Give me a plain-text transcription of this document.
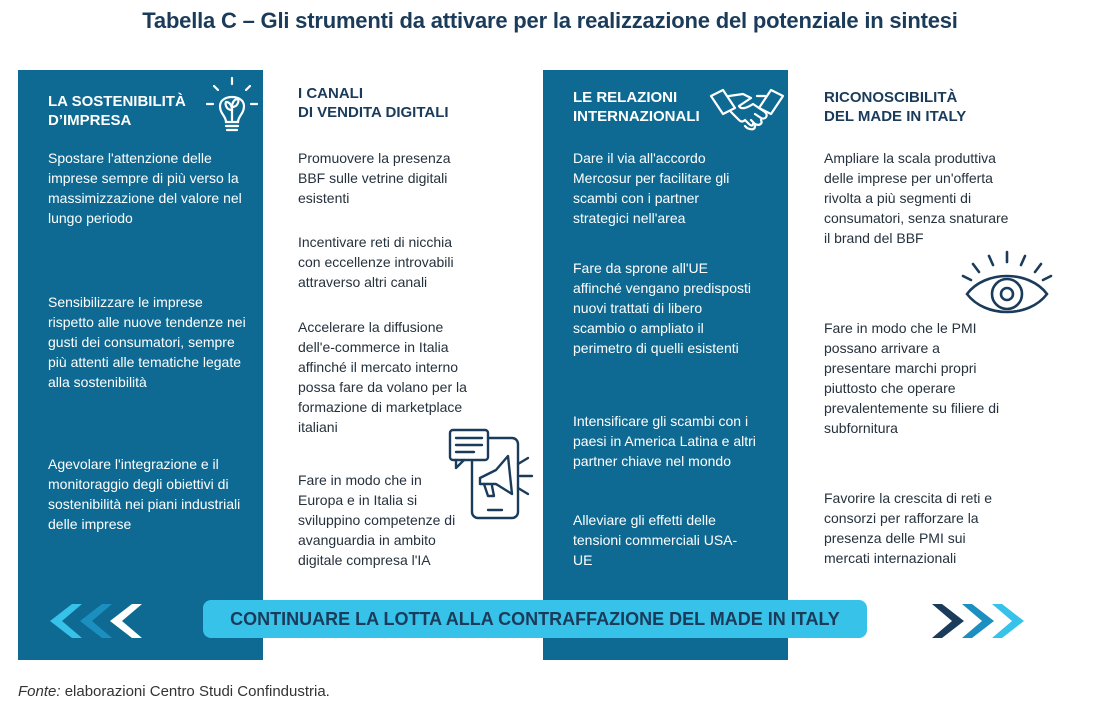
Tabella C – Gli strumenti da attivare per la realizzazione del potenziale in sintesi
LA SOSTENIBILITÀ
D’IMPRESA
Spostare l'attenzione delle imprese sempre di più verso la massimizzazione del valore nel lungo periodo
Sensibilizzare le imprese rispetto alle nuove tendenze nei gusti dei consumatori, sempre più attenti alle tematiche legate alla sostenibilità
Agevolare l'integrazione e il monitoraggio degli obiettivi di sostenibilità nei piani industriali delle imprese
I CANALI
DI VENDITA DIGITALI
Promuovere la presenza BBF sulle vetrine digitali esistenti
Incentivare reti di nicchia con eccellenze introvabili attraverso altri canali
Accelerare la diffusione dell'e-commerce in Italia affinché il mercato interno possa fare da volano per la formazione di marketplace italiani
Fare in modo che in Europa e in Italia si sviluppino competenze di avanguardia in ambito digitale compresa l'IA
LE RELAZIONI
INTERNAZIONALI
Dare il via all'accordo Mercosur per facilitare gli scambi con i partner strategici nell'area
Fare da sprone all'UE affinché vengano predisposti nuovi trattati di libero scambio o ampliato il perimetro di quelli esistenti
Intensificare gli scambi con i paesi in America Latina e altri partner chiave nel mondo
Alleviare gli effetti delle tensioni commerciali USA-UE
RICONOSCIBILITÀ
DEL MADE IN ITALY
Ampliare la scala produttiva delle imprese per un'offerta rivolta a più segmenti di consumatori, senza snaturare il brand del BBF
Fare in modo che le PMI possano arrivare a presentare marchi propri piuttosto che operare prevalentemente su filiere di subfornitura
Favorire la crescita di reti e consorzi per rafforzare la presenza delle PMI sui mercati internazionali
CONTINUARE LA LOTTA ALLA CONTRAFFAZIONE DEL MADE IN ITALY
Fonte: elaborazioni Centro Studi Confindustria.
